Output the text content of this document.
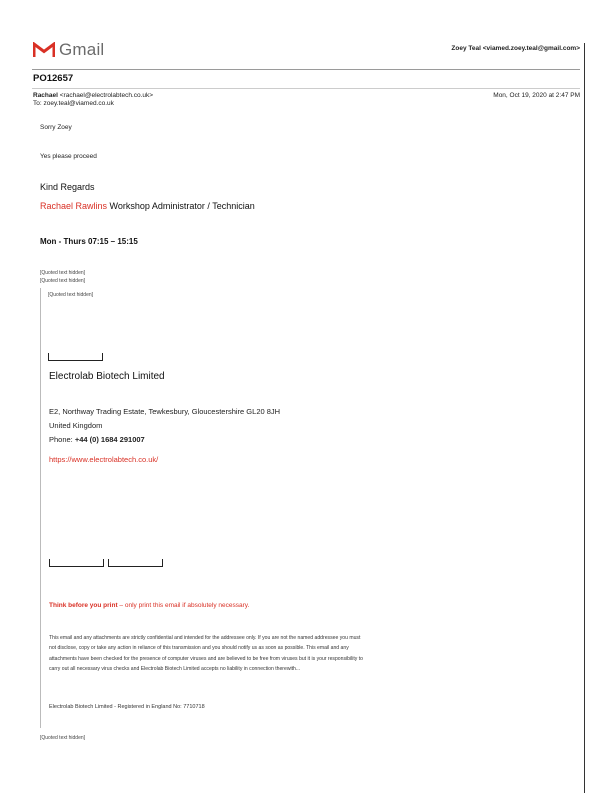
Gmail	Zoey Teal <viamed.zoey.teal@gmail.com>
PO12657
Rachael <rachael@electrolabtech.co.uk>	Mon, Oct 19, 2020 at 2:47 PM
To: zoey.teal@viamed.co.uk
Sorry Zoey
Yes please proceed
Kind Regards
Rachael Rawlins Workshop Administrator / Technician
Mon - Thurs 07:15 – 15:15
[Quoted text hidden]
[Quoted text hidden]
[Quoted text hidden]
Electrolab Biotech Limited
E2, Northway Trading Estate, Tewkesbury, Gloucestershire GL20 8JH
United Kingdom
Phone: +44 (0) 1684 291007
https://www.electrolabtech.co.uk/
Think before you print – only print this email if absolutely necessary.
This email and any attachments are strictly confidential and intended for the addressee only. If you are not the named addressee you must not disclose, copy or take any action in reliance of this transmission and you should notify us as soon as possible. This email and any attachments have been checked for the presence of computer viruses and are believed to be free from viruses but it is your responsibility to carry out all necessary virus checks and Electrolab Biotech Limited accepts no liability in connection therewith...
Electrolab Biotech Limited - Registered in England No: 7710718
[Quoted text hidden]
